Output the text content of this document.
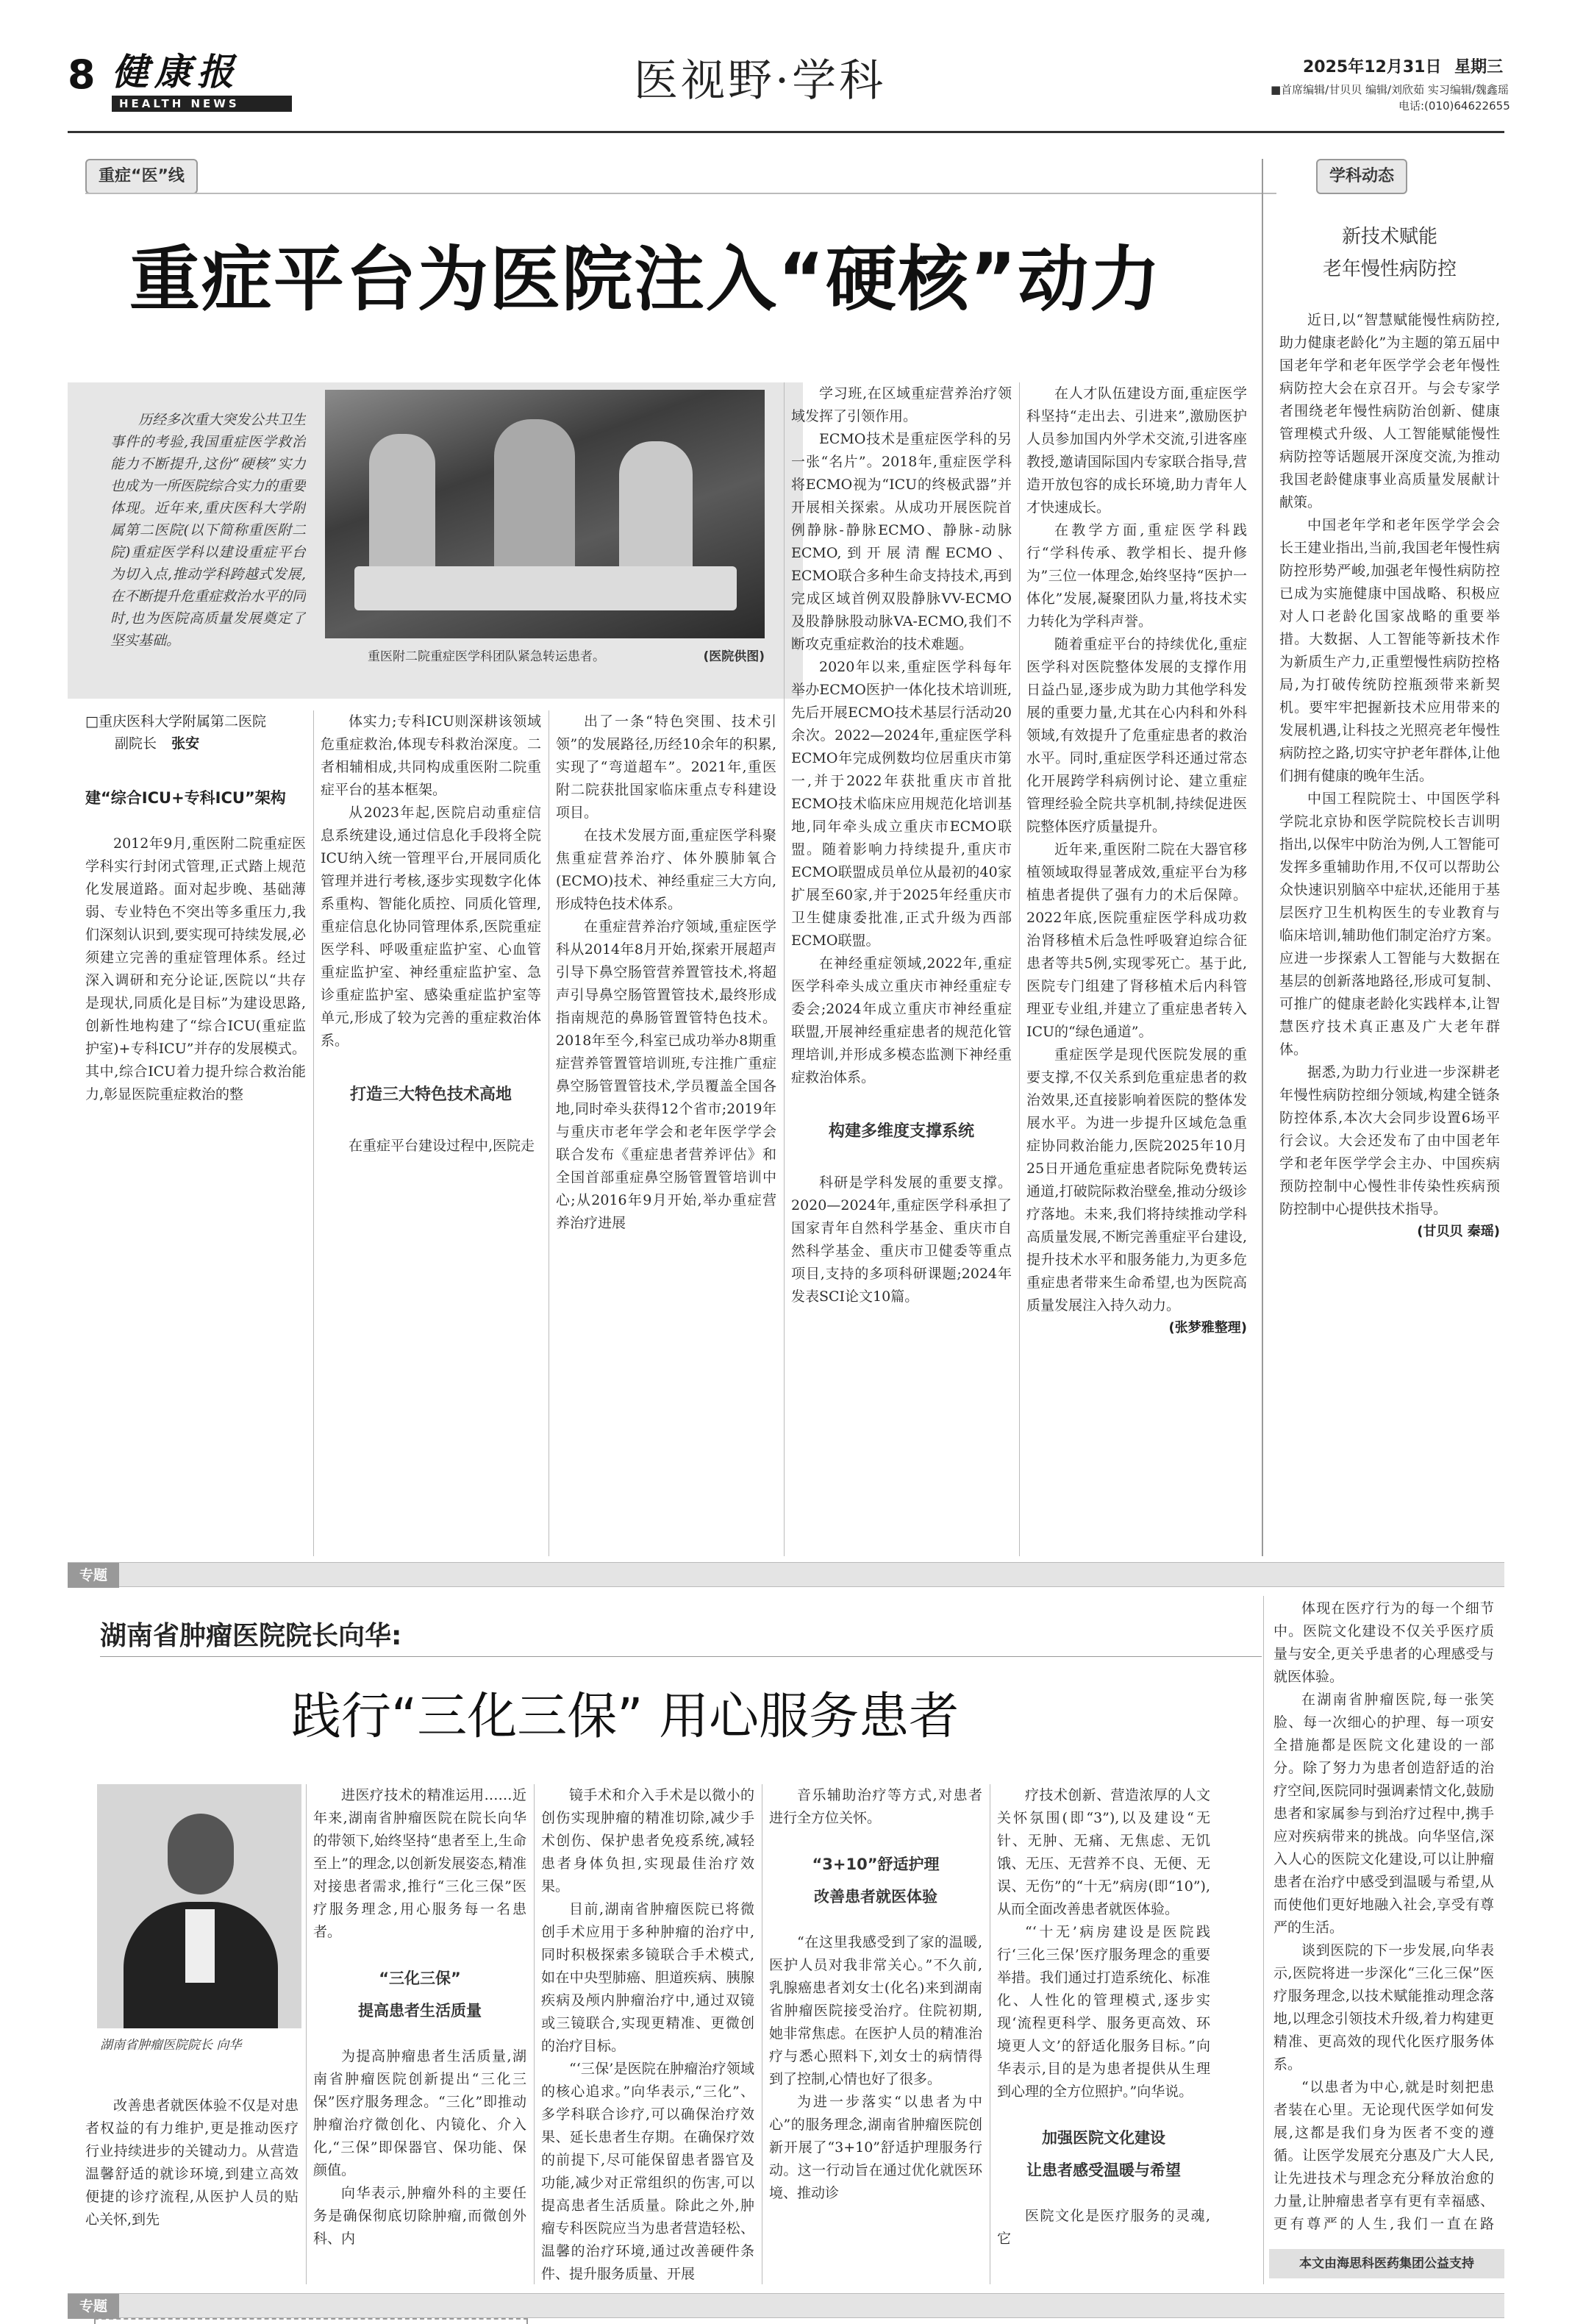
8 健康报
HEALTH NEWS	医视野·学科	2025年12月31日 星期三
■首席编辑/甘贝贝 编辑/刘欣茹 实习编辑/魏鑫瑶
电话:(010)64622655
重症“医”线
重症平台为医院注入“硬核”动力
历经多次重大突发公共卫生事件的考验,我国重症医学救治能力不断提升,这份“硬核”实力也成为一所医院综合实力的重要体现。近年来,重庆医科大学附属第二医院(以下简称重医附二院)重症医学科以建设重症平台为切入点,推动学科跨越式发展,在不断提升危重症救治水平的同时,也为医院高质量发展奠定了坚实基础。
重医附二院重症医学科团队紧急转运患者。	(医院供图)
□重庆医科大学附属第二医院
副院长 张安
建“综合ICU+专科ICU”架构
2012年9月,重医附二院重症医学科实行封闭式管理,正式踏上规范化发展道路。面对起步晚、基础薄弱、专业特色不突出等多重压力,我们深刻认识到,要实现可持续发展,必须建立完善的重症管理体系。经过深入调研和充分论证,医院以“共存是现状,同质化是目标”为建设思路,创新性地构建了“综合ICU(重症监护室)+专科ICU”并存的发展模式。其中,综合ICU着力提升综合救治能力,彰显医院重症救治的整
体实力;专科ICU则深耕该领域危重症救治,体现专科救治深度。二者相辅相成,共同构成重医附二院重症平台的基本框架。
从2023年起,医院启动重症信息系统建设,通过信息化手段将全院ICU纳入统一管理平台,开展同质化管理并进行考核,逐步实现数字化体系重构、智能化质控、同质化管理,重症信息化协同管理体系,医院重症医学科、呼吸重症监护室、心血管重症监护室、神经重症监护室、急诊重症监护室、感染重症监护室等单元,形成了较为完善的重症救治体系。
打造三大特色技术高地
在重症平台建设过程中,医院走
出了一条“特色突围、技术引领”的发展路径,历经10余年的积累,实现了“弯道超车”。2021年,重医附二院获批国家临床重点专科建设项目。
在技术发展方面,重症医学科聚焦重症营养治疗、体外膜肺氧合(ECMO)技术、神经重症三大方向,形成特色技术体系。
在重症营养治疗领域,重症医学科从2014年8月开始,探索开展超声引导下鼻空肠管营养置管技术,将超声引导鼻空肠管置管技术,最终形成指南规范的鼻肠管置管特色技术。2018年至今,科室已成功举办8期重症营养管置管培训班,专注推广重症鼻空肠管置管技术,学员覆盖全国各地,同时牵头获得12个省市;2019年与重庆市老年学会和老年医学学会联合发布《重症患者营养评估》和全国首部重症鼻空肠管置管培训中心;从2016年9月开始,举办重症营养治疗进展
学习班,在区域重症营养治疗领域发挥了引领作用。
ECMO技术是重症医学科的另一张“名片”。2018年,重症医学科将ECMO视为“ICU的终极武器”并开展相关探索。从成功开展医院首例静脉-静脉ECMO、静脉-动脉ECMO,到开展清醒ECMO、ECMO联合多种生命支持技术,再到完成区域首例双股静脉VV-ECMO及股静脉股动脉VA-ECMO,我们不断攻克重症救治的技术难题。
2020年以来,重症医学科每年举办ECMO医护一体化技术培训班,先后开展ECMO技术基层行活动20余次。2022—2024年,重症医学科ECMO年完成例数均位居重庆市第一,并于2022年获批重庆市首批ECMO技术临床应用规范化培训基地,同年牵头成立重庆市ECMO联盟。随着影响力持续提升,重庆市ECMO联盟成员单位从最初的40家扩展至60家,并于2025年经重庆市卫生健康委批准,正式升级为西部ECMO联盟。
在神经重症领域,2022年,重症医学科牵头成立重庆市神经重症专委会;2024年成立重庆市神经重症联盟,开展神经重症患者的规范化管理培训,并形成多模态监测下神经重症救治体系。
构建多维度支撑系统
科研是学科发展的重要支撑。2020—2024年,重症医学科承担了国家青年自然科学基金、重庆市自然科学基金、重庆市卫健委等重点项目,支持的多项科研课题;2024年发表SCI论文10篇。
在人才队伍建设方面,重症医学科坚持“走出去、引进来”,激励医护人员参加国内外学术交流,引进客座教授,邀请国际国内专家联合指导,营造开放包容的成长环境,助力青年人才快速成长。
在教学方面,重症医学科践行“学科传承、教学相长、提升修为”三位一体理念,始终坚持“医护一体化”发展,凝聚团队力量,将技术实力转化为学科声誉。
随着重症平台的持续优化,重症医学科对医院整体发展的支撑作用日益凸显,逐步成为助力其他学科发展的重要力量,尤其在心内科和外科领域,有效提升了危重症患者的救治水平。同时,重症医学科还通过常态化开展跨学科病例讨论、建立重症管理经验全院共享机制,持续促进医院整体医疗质量提升。
近年来,重医附二院在大器官移植领域取得显著成效,重症平台为移植患者提供了强有力的术后保障。2022年底,医院重症医学科成功救治肾移植术后急性呼吸窘迫综合征患者等共5例,实现零死亡。基于此,医院专门组建了肾移植术后内科管理亚专业组,并建立了重症患者转入ICU的“绿色通道”。
重症医学是现代医院发展的重要支撑,不仅关系到危重症患者的救治效果,还直接影响着医院的整体发展水平。为进一步提升区域危急重症协同救治能力,医院2025年10月25日开通危重症患者院际免费转运通道,打破院际救治壁垒,推动分级诊疗落地。未来,我们将持续推动学科高质量发展,不断完善重症平台建设,提升技术水平和服务能力,为更多危重症患者带来生命希望,也为医院高质量发展注入持久动力。
(张梦雅整理)
学科动态
新技术赋能
老年慢性病防控
近日,以“智慧赋能慢性病防控,助力健康老龄化”为主题的第五届中国老年学和老年医学学会老年慢性病防控大会在京召开。与会专家学者围绕老年慢性病防治创新、健康管理模式升级、人工智能赋能慢性病防控等话题展开深度交流,为推动我国老龄健康事业高质量发展献计献策。
中国老年学和老年医学学会会长王建业指出,当前,我国老年慢性病防控形势严峻,加强老年慢性病防控已成为实施健康中国战略、积极应对人口老龄化国家战略的重要举措。大数据、人工智能等新技术作为新质生产力,正重塑慢性病防控格局,为打破传统防控瓶颈带来新契机。要牢牢把握新技术应用带来的发展机遇,让科技之光照亮老年慢性病防控之路,切实守护老年群体,让他们拥有健康的晚年生活。
中国工程院院士、中国医学科学院北京协和医学院院校长吉训明指出,以保牢中防治为例,人工智能可发挥多重辅助作用,不仅可以帮助公众快速识别脑卒中症状,还能用于基层医疗卫生机构医生的专业教育与临床培训,辅助他们制定治疗方案。应进一步探索人工智能与大数据在基层的创新落地路径,形成可复制、可推广的健康老龄化实践样本,让智慧医疗技术真正惠及广大老年群体。
据悉,为助力行业进一步深耕老年慢性病防控细分领域,构建全链条防控体系,本次大会同步设置6场平行会议。大会还发布了由中国老年学和老年医学学会主办、中国疾病预防控制中心慢性非传染性疾病预防控制中心提供技术指导。
(甘贝贝 秦瑶)
专题
湖南省肿瘤医院院长向华:
践行“三化三保” 用心服务患者
湖南省肿瘤医院院长 向华
改善患者就医体验不仅是对患者权益的有力维护,更是推动医疗行业持续进步的关键动力。从营造温馨舒适的就诊环境,到建立高效便捷的诊疗流程,从医护人员的贴心关怀,到先
进医疗技术的精准运用……近年来,湖南省肿瘤医院在院长向华的带领下,始终坚持“患者至上,生命至上”的理念,以创新发展姿态,精准对接患者需求,推行“三化三保”医疗服务理念,用心服务每一名患者。
“三化三保”
提高患者生活质量
为提高肿瘤患者生活质量,湖南省肿瘤医院创新提出“三化三保”医疗服务理念。“三化”即推动肿瘤治疗微创化、内镜化、介入化,“三保”即保器官、保功能、保颜值。
向华表示,肿瘤外科的主要任务是确保彻底切除肿瘤,而微创外科、内
镜手术和介入手术是以微小的创伤实现肿瘤的精准切除,减少手术创伤、保护患者免疫系统,减轻患者身体负担,实现最佳治疗效果。
目前,湖南省肿瘤医院已将微创手术应用于多种肿瘤的治疗中,同时积极探索多镜联合手术模式,如在中央型肺癌、胆道疾病、胰腺疾病及颅内肿瘤治疗中,通过双镜或三镜联合,实现更精准、更微创的治疗目标。
“‘三保’是医院在肿瘤治疗领域的核心追求。”向华表示,“三化”、多学科联合诊疗,可以确保治疗效果、延长患者生存期。在确保疗效的前提下,尽可能保留患者器官及功能,减少对正常组织的伤害,可以提高患者生活质量。除此之外,肿瘤专科医院应当为患者营造轻松、温馨的治疗环境,通过改善硬件条件、提升服务质量、开展
音乐辅助治疗等方式,对患者进行全方位关怀。
“3+10”舒适护理
改善患者就医体验
“在这里我感受到了家的温暖,医护人员对我非常关心。”不久前,乳腺癌患者刘女士(化名)来到湖南省肿瘤医院接受治疗。住院初期,她非常焦虑。在医护人员的精准治疗与悉心照料下,刘女士的病情得到了控制,心情也好了很多。
为进一步落实“以患者为中心”的服务理念,湖南省肿瘤医院创新开展了“3+10”舒适护理服务行动。这一行动旨在通过优化就医环境、推动诊
疗技术创新、营造浓厚的人文关怀氛围(即“3”),以及建设“无针、无肿、无痛、无焦虑、无饥饿、无压、无营养不良、无便、无误、无伤”的“十无”病房(即“10”),从而全面改善患者就医体验。
“‘十无’病房建设是医院践行‘三化三保’医疗服务理念的重要举措。我们通过打造系统化、标准化、人性化的管理模式,逐步实现‘流程更科学、服务更高效、环境更人文’的舒适化服务目标。”向华表示,目的是为患者提供从生理到心理的全方位照护。”向华说。
加强医院文化建设
让患者感受温暖与希望
医院文化是医疗服务的灵魂,它
体现在医疗行为的每一个细节中。医院文化建设不仅关乎医疗质量与安全,更关乎患者的心理感受与就医体验。
在湖南省肿瘤医院,每一张笑脸、每一次细心的护理、每一项安全措施都是医院文化建设的一部分。除了努力为患者创造舒适的治疗空间,医院同时强调素情文化,鼓励患者和家属参与到治疗过程中,携手应对疾病带来的挑战。向华坚信,深入人心的医院文化建设,可以让肿瘤患者在治疗中感受到温暖与希望,从而使他们更好地融入社会,享受有尊严的生活。
谈到医院的下一步发展,向华表示,医院将进一步深化“三化三保”医疗服务理念,以技术赋能推动理念落地,以理念引领技术升级,着力构建更精准、更高效的现代化医疗服务体系。
“以患者为中心,就是时刻把患者装在心里。无论现代医学如何发展,这都是我们身为医者不变的遵循。让医学发展充分惠及广大人民,让先进技术与理念充分释放治愈的力量,让肿瘤患者享有更有幸福感、更有尊严的人生,我们一直在路
本文由海思科医药集团公益支持
专题
